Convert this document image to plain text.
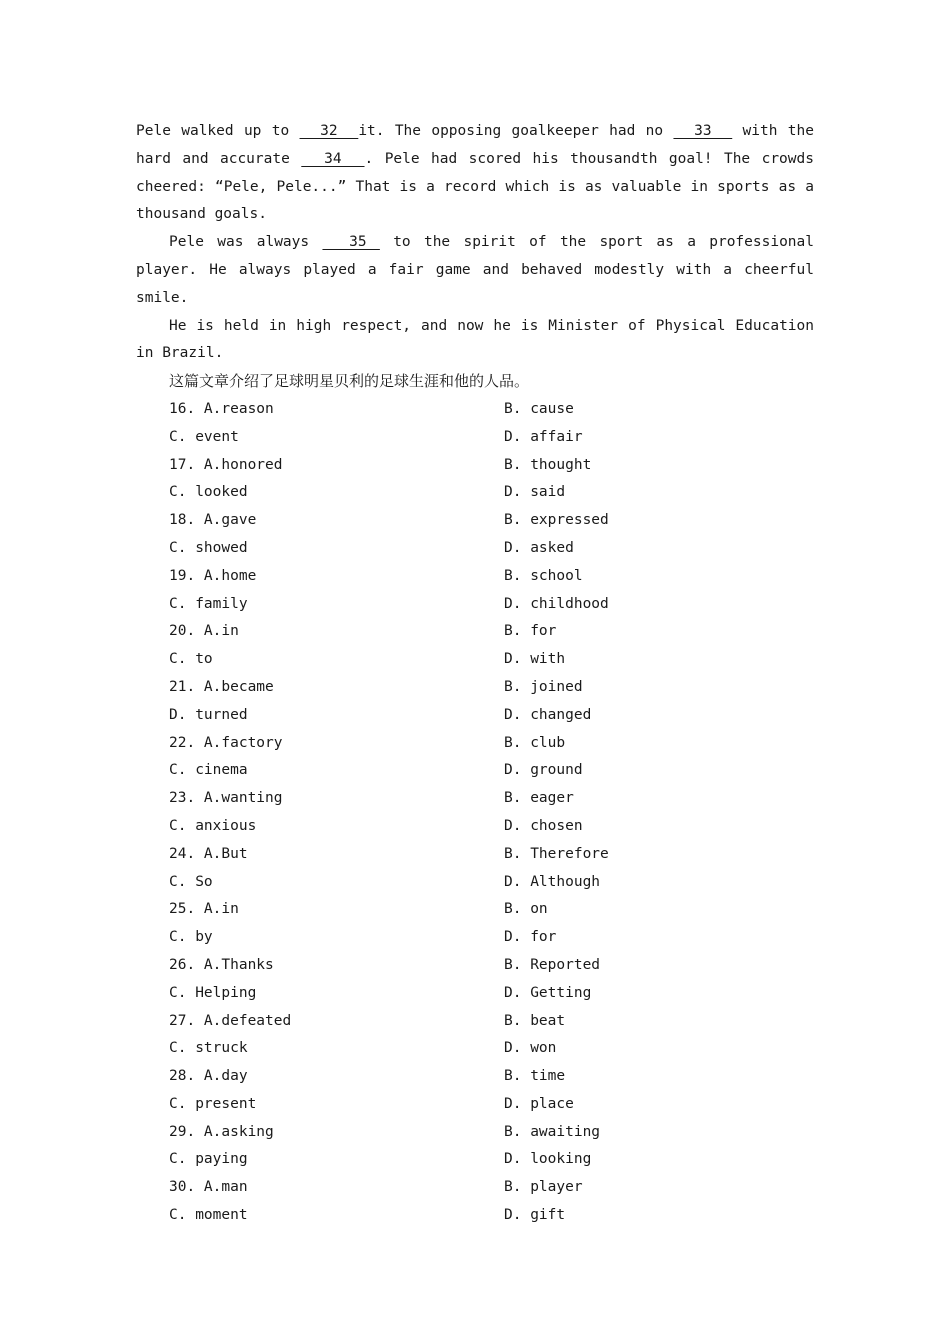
Pele walked up to   32  it. The opposing goalkeeper had no   33   with the hard and accurate   34  . Pele had scored his thousandth goal! The crowds cheered: “Pele, Pele...” That is a record which is as valuable in sports as a thousand goals.

Pele was always   35  to the spirit of the sport as a professional player. He always played a fair game and behaved modestly with a cheerful smile.

He is held in high respect, and now he is Minister of Physical Education in Brazil.

这篇文章介绍了足球明星贝利的足球生涯和他的人品。

16. A.reason	B. cause
C. event	D. affair
17. A.honored	B. thought
C. looked	D. said
18. A.gave	B. expressed
C. showed	D. asked
19. A.home	B. school
C. family	D. childhood
20. A.in	B. for
C. to	D. with
21. A.became	B. joined
D. turned	D. changed
22. A.factory	B. club
C. cinema	D. ground
23. A.wanting	B. eager
C. anxious	D. chosen
24. A.But	B. Therefore
C. So	D. Although
25. A.in	B. on
C. by	D. for
26. A.Thanks	B. Reported
C. Helping	D. Getting
27. A.defeated	B. beat
C. struck	D. won
28. A.day	B. time
C. present	D. place
29. A.asking	B. awaiting
C. paying	D. looking
30. A.man	B. player
C. moment	D. gift
